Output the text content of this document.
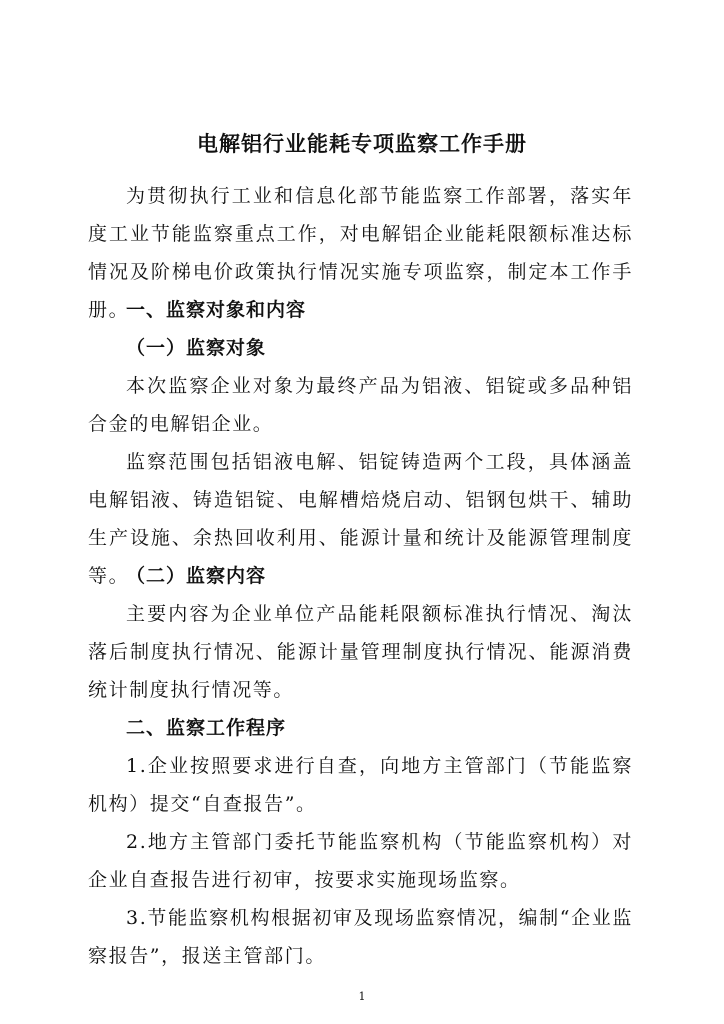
电解铝行业能耗专项监察工作手册
为贯彻执行工业和信息化部节能监察工作部署，落实年度工业节能监察重点工作，对电解铝企业能耗限额标准达标情况及阶梯电价政策执行情况实施专项监察，制定本工作手册。
一、监察对象和内容
（一）监察对象
本次监察企业对象为最终产品为铝液、铝锭或多品种铝合金的电解铝企业。
监察范围包括铝液电解、铝锭铸造两个工段，具体涵盖电解铝液、铸造铝锭、电解槽焙烧启动、铝钢包烘干、辅助生产设施、余热回收利用、能源计量和统计及能源管理制度等。
（二）监察内容
主要内容为企业单位产品能耗限额标准执行情况、淘汰落后制度执行情况、能源计量管理制度执行情况、能源消费统计制度执行情况等。
二、监察工作程序
1.企业按照要求进行自查，向地方主管部门（节能监察机构）提交“自查报告”。
2.地方主管部门委托节能监察机构（节能监察机构）对企业自查报告进行初审，按要求实施现场监察。
3.节能监察机构根据初审及现场监察情况，编制“企业监察报告”，报送主管部门。
1
